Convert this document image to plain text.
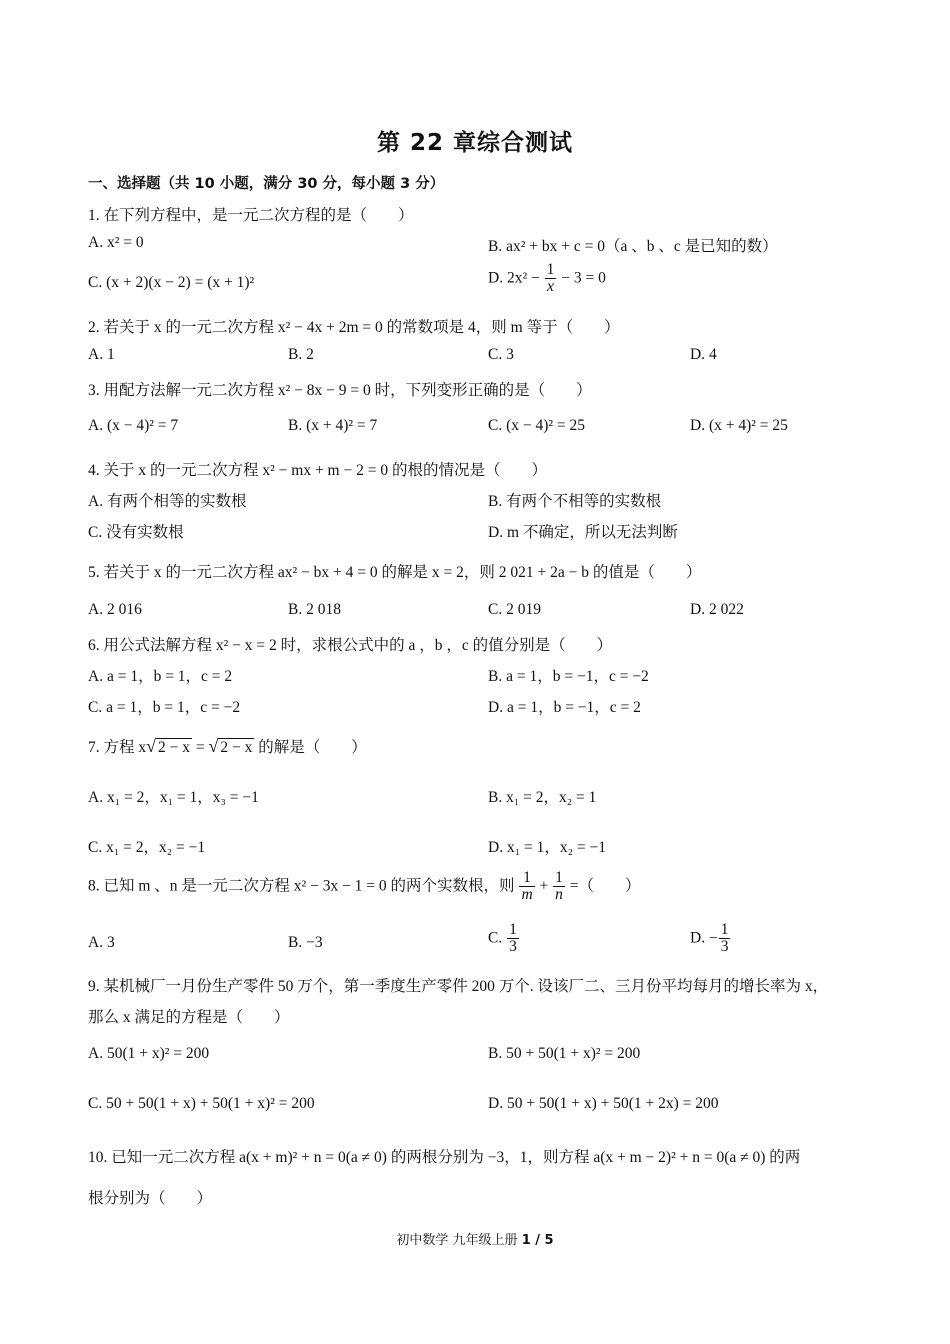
第 22 章综合测试
一、选择题（共 10 小题，满分 30 分，每小题 3 分）
1. 在下列方程中，是一元二次方程的是（　　）
A. x² = 0	B. ax² + bx + c = 0（a 、b 、c 是已知的数）
C. (x + 2)(x − 2) = (x + 1)²	D. $2x^2 - \frac{1}{x} - 3 = 0$
2. 若关于 x 的一元二次方程 x² − 4x + 2m = 0 的常数项是 4，则 m 等于（　　）
A. 1	B. 2	C. 3	D. 4
3. 用配方法解一元二次方程 x² − 8x − 9 = 0 时，下列变形正确的是（　　）
A. (x − 4)² = 7	B. (x + 4)² = 7	C. (x − 4)² = 25	D. (x + 4)² = 25
4. 关于 x 的一元二次方程 x² − mx + m − 2 = 0 的根的情况是（　　）
A. 有两个相等的实数根	B. 有两个不相等的实数根
C. 没有实数根	D. m 不确定，所以无法判断
5. 若关于 x 的一元二次方程 ax² − bx + 4 = 0 的解是 x = 2，则 2 021 + 2a − b 的值是（　　）
A. 2 016	B. 2 018	C. 2 019	D. 2 022
6. 用公式法解方程 x² − x = 2 时，求根公式中的 a ，b ，c 的值分别是（　　）
A. a = 1，b = 1，c = 2	B. a = 1，b = −1，c = −2
C. a = 1，b = 1，c = −2	D. a = 1，b = −1，c = 2
7. 方程 x√ 2 − x = √ 2 − x 的解是（　　）
A. x₁ = 2，x₁ = 1，x₃ = −1	B. x₁ = 2，x₂ = 1
C. x₁ = 2，x₂ = −1	D. x₁ = 1，x₂ = −1
8. 已知 m 、n 是一元二次方程 x² − 3x − 1 = 0 的两个实数根，则 $\frac{1}{m} + \frac{1}{n}$ =（　　）
A. 3	B. −3	C. $\frac{1}{3}$	D. − $\frac{1}{3}$
9. 某机械厂一月份生产零件 50 万个，第一季度生产零件 200 万个. 设该厂二、三月份平均每月的增长率为 x，
那么 x 满足的方程是（　　）
A. 50(1 + x)² = 200	B. 50 + 50(1 + x)² = 200
C. 50 + 50(1 + x) + 50(1 + x)² = 200	D. 50 + 50(1 + x) + 50(1 + 2x) = 200
10. 已知一元二次方程 a(x + m)² + n = 0(a ≠ 0) 的两根分别为 −3，1，则方程 a(x + m − 2)² + n = 0(a ≠ 0) 的两
根分别为（　　）
初中数学 九年级上册 1 / 5
